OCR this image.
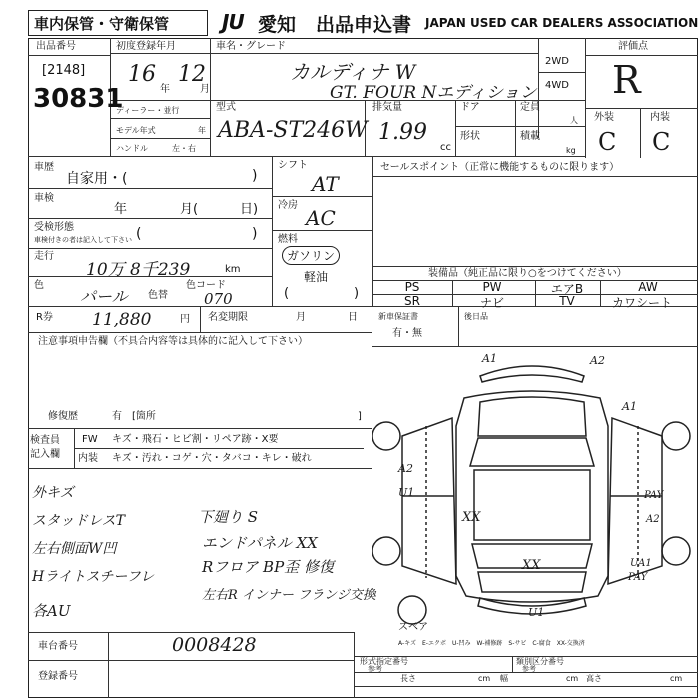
車内保管・守衛保管	JU 愛知 出品申込書 JAPAN USED CAR DEALERS ASSOCIATION
出品番号
[2148]
30831
初度登録年月
16
年
12
月
車名・グレード
カルディナ W
GT. FOUR Nエディション
2WD
4WD
評価点
R
外装	内装
C C
ディーラー・並行
モデル年式	年
ハンドル	左・右
型式
ABA-ST246W
排気量
1.99
cc
ドア
形状
定員
人
積載
kg
車歴
自家用・(	)
車検
年	月(	日)
受検形態
車検付きの者は記入して下さい (	)
走行
10万 8千239	km
色
パール 色替
色コード
070
シフト
AT
冷房
AC
燃料
ガソリン
軽油
(	)
セールスポイント（正常に機能するものに限ります）
装備品（純正品に限り○をつけてください）
PS	PW	エアB	AW
SR	ナビ	TV	カワシート
R券 11,880	円 名変期限	月	日	新車保証書
有・無
後日品
注意事項申告欄（不具合内容等は具体的に記入して下さい）
修復歴	有 [箇所	]
検査員
記入欄
FW キズ・飛石・ヒビ割・リペア跡・X要
内装 キズ・汚れ・コゲ・穴・タバコ・キレ・破れ
外キズ
スタッドレスT
左右側面W凹
Hライトスチーフレ
各AU
下廻り S
エンドパネル XX
Rフロア BP歪 修復
左右R インナー フランジ交換
A1	A2
A1
A2
U1
XX
XX
PAY
A2
UA1
PAY
U1
スペア
A-キズ　E-エクボ　U-凹み　W-補修跡　S-サビ　C-腐食　XX-交換済
車台番号	0008428
登録番号
形式指定番号
参考
類別区分番号
参考
長さ	cm 幅	cm 高さ	cm
